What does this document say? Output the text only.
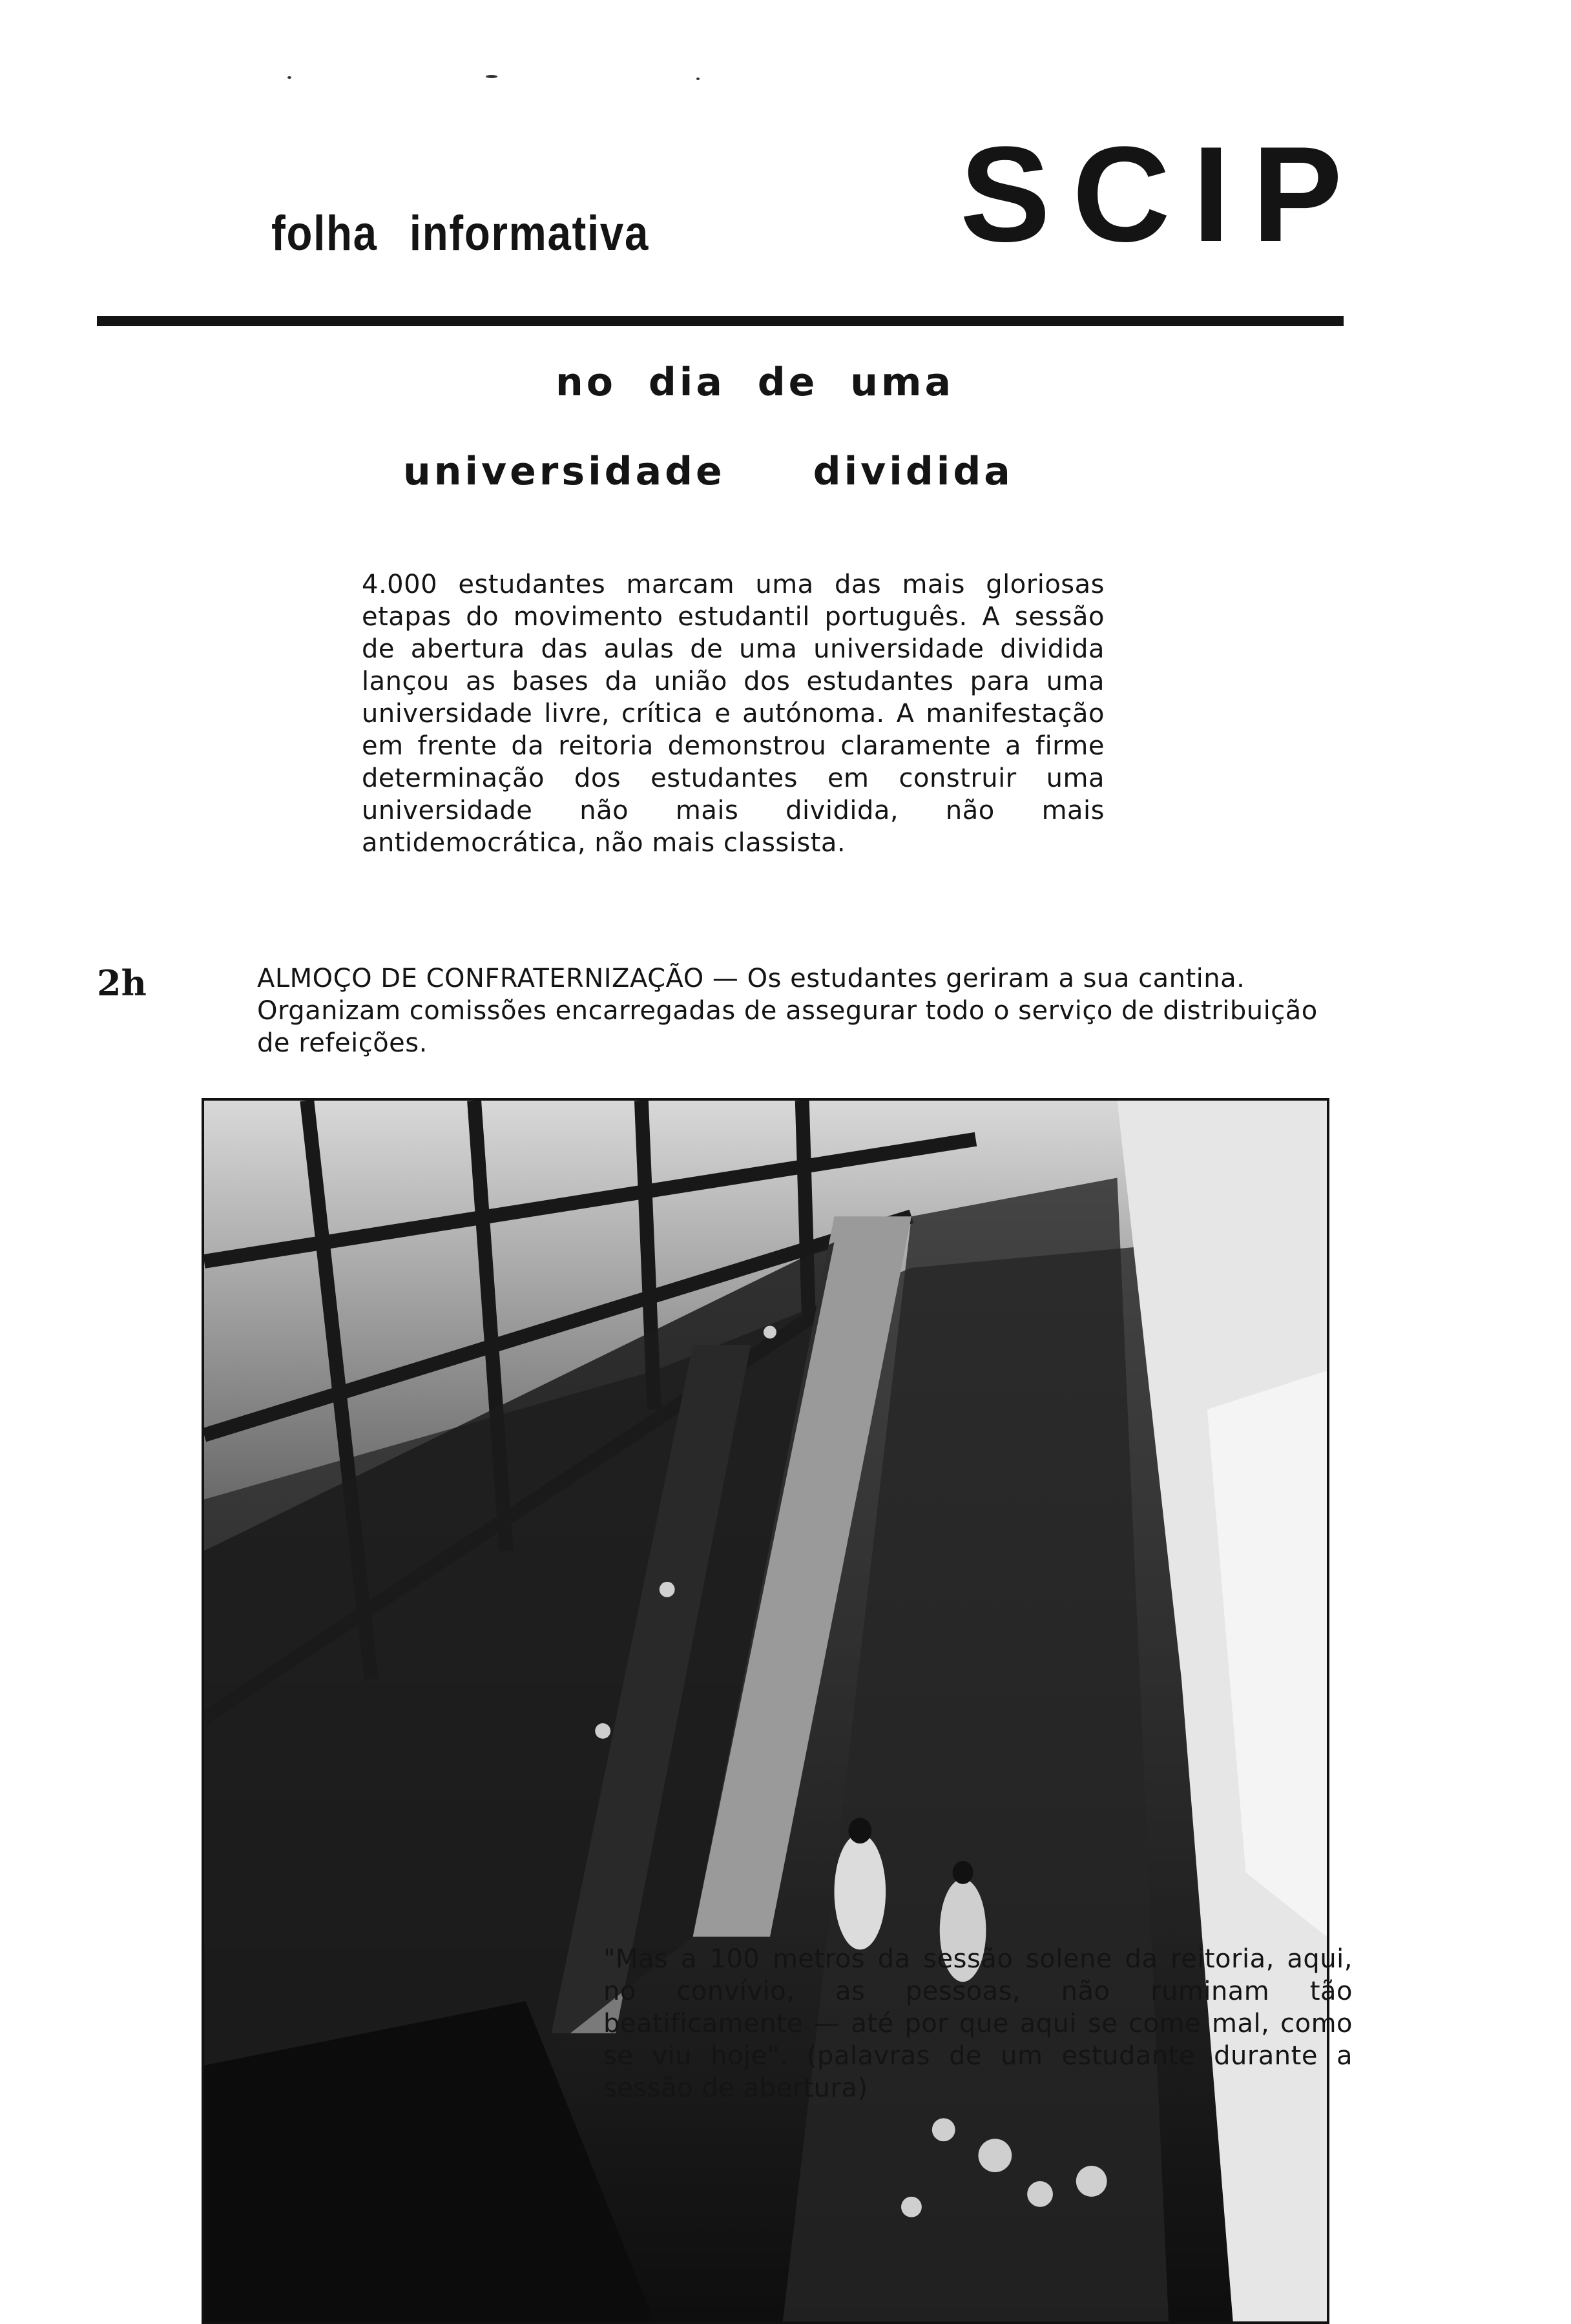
folha informativa SCIP
no dia de uma
universidade dividida

4.000 estudantes marcam uma das mais gloriosas etapas do movimento estudantil português. A sessão de abertura das aulas de uma universidade dividida lançou as bases da união dos estudantes para uma universidade livre, crítica e autónoma. A manifestação em frente da reitoria demonstrou claramente a firme determinação dos estudantes em construir uma universidade não mais dividida, não mais antidemocrática, não mais classista.

2h	ALMOÇO DE CONFRATERNIZAÇÃO — Os estudantes geriram a sua cantina. Organizam comissões encarregadas de assegurar todo o serviço de distribuição de refeições.

"Mas a 100 metros da sessão solene da reitoria, aqui, no convívio, as pessoas, não ruminam tão beatificamente — até por que aqui se come mal, como se viu hoje". (palavras de um estudante durante a sessão de abertura)
